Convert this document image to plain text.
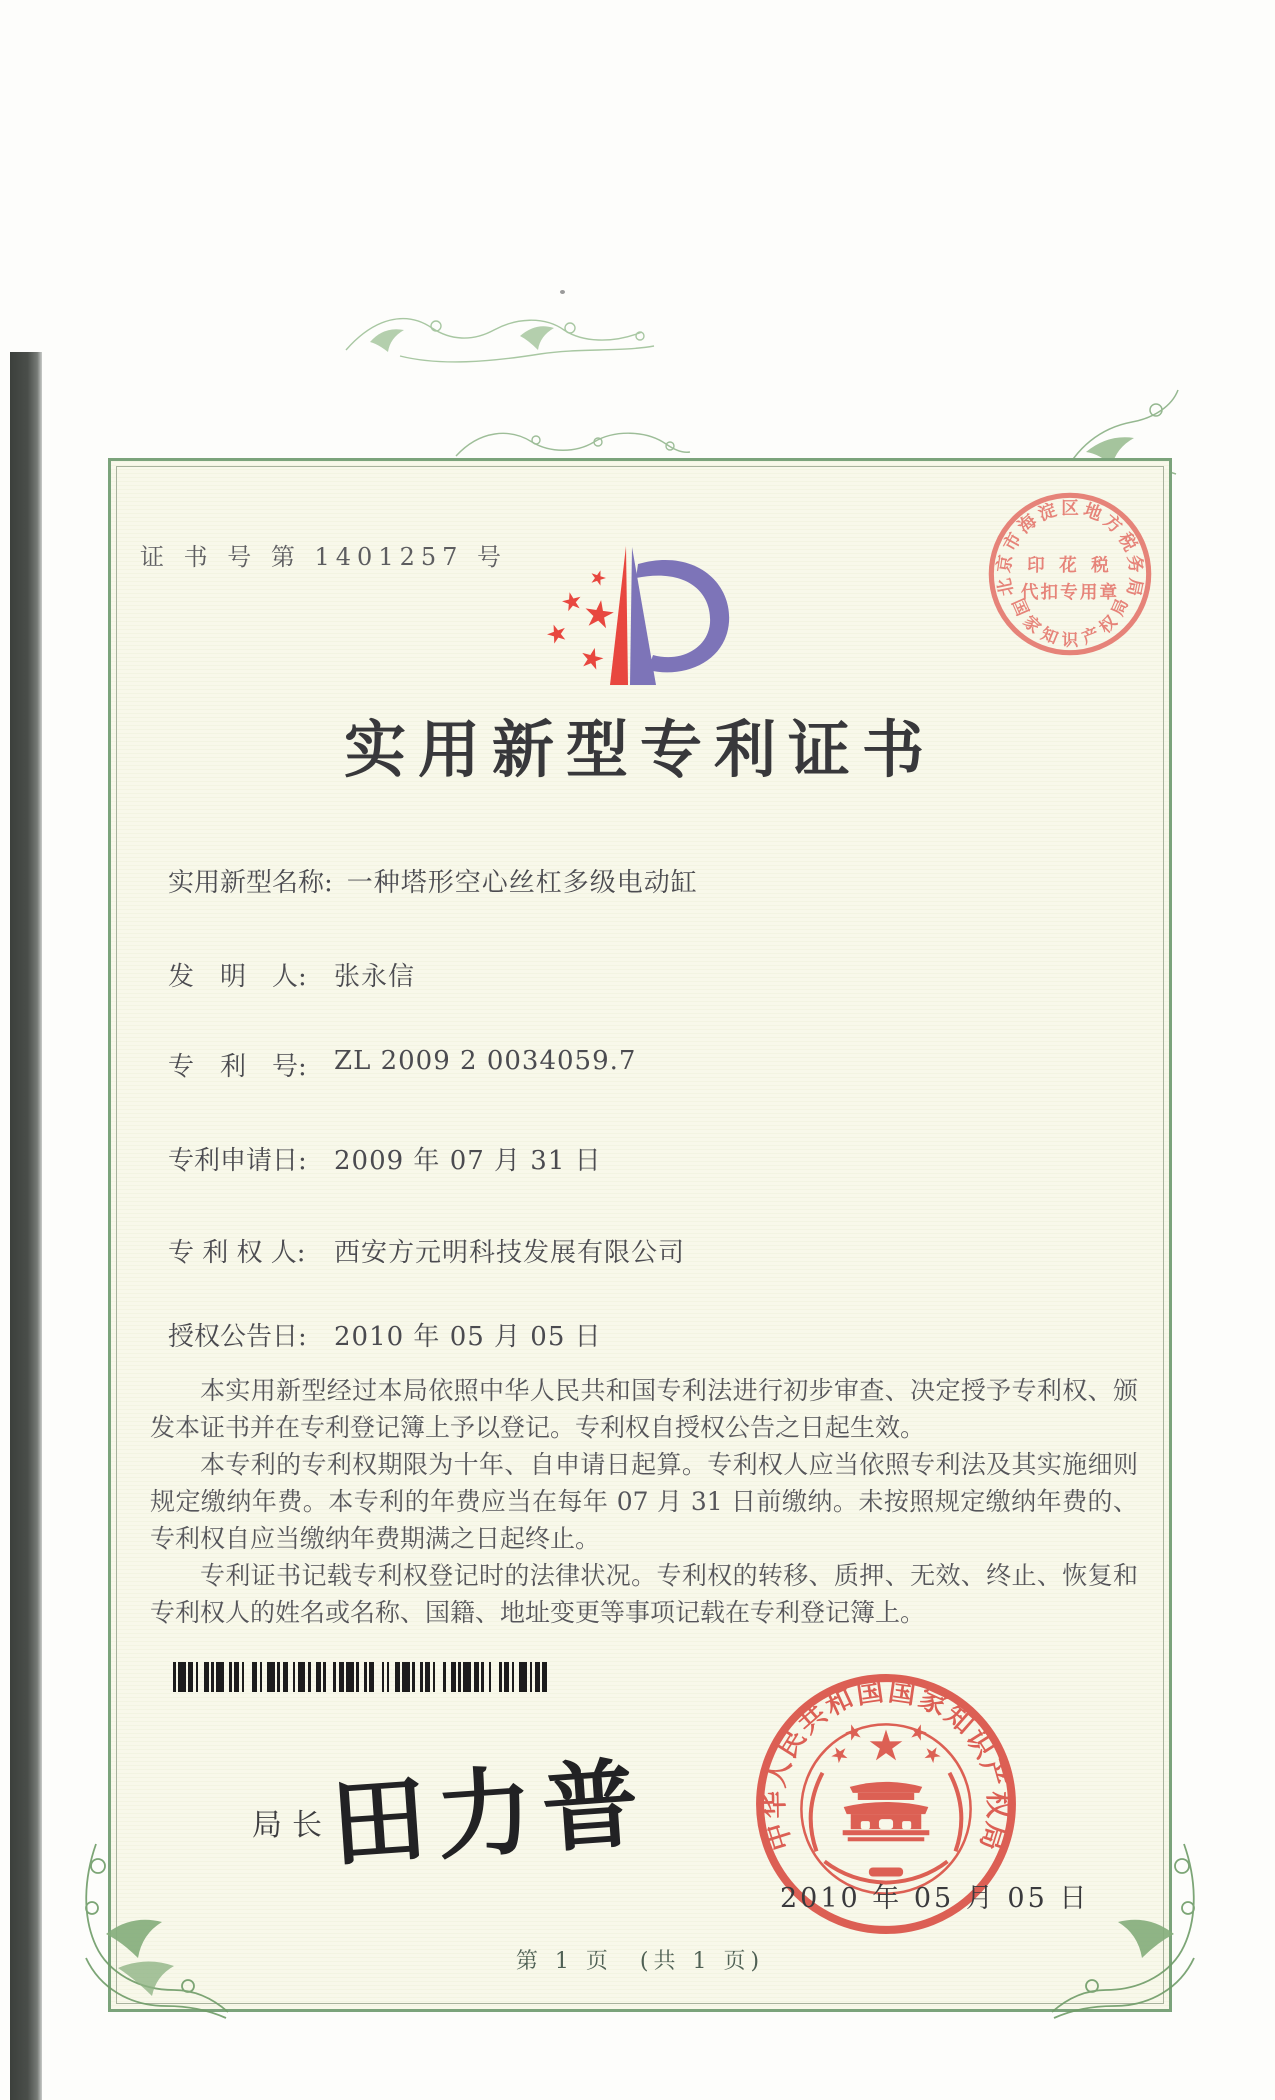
证 书 号 第 1401257 号
北京市海淀区地方税务局
国家知识产权局
印 花 税
代扣专用章
实用新型专利证书
实用新型名称: 一种塔形空心丝杠多级电动缸
发　明　人:	张永信
专　利　号:	ZL 2009 2 0034059.7
专利申请日:	2009 年 07 月 31 日
专 利 权 人:	西安方元明科技发展有限公司
授权公告日:	2010 年 05 月 05 日

本实用新型经过本局依照中华人民共和国专利法进行初步审查、决定授予专利权、颁发本证书并在专利登记簿上予以登记。专利权自授权公告之日起生效。

本专利的专利权期限为十年、自申请日起算。专利权人应当依照专利法及其实施细则规定缴纳年费。本专利的年费应当在每年 07 月 31 日前缴纳。未按照规定缴纳年费的、专利权自应当缴纳年费期满之日起终止。

专利证书记载专利权登记时的法律状况。专利权的转移、质押、无效、终止、恢复和专利权人的姓名或名称、国籍、地址变更等事项记载在专利登记簿上。

局长
田力普	中华人民共和国国家知识产权局
2010 年 05 月 05 日
第 1 页　(共 1 页)
